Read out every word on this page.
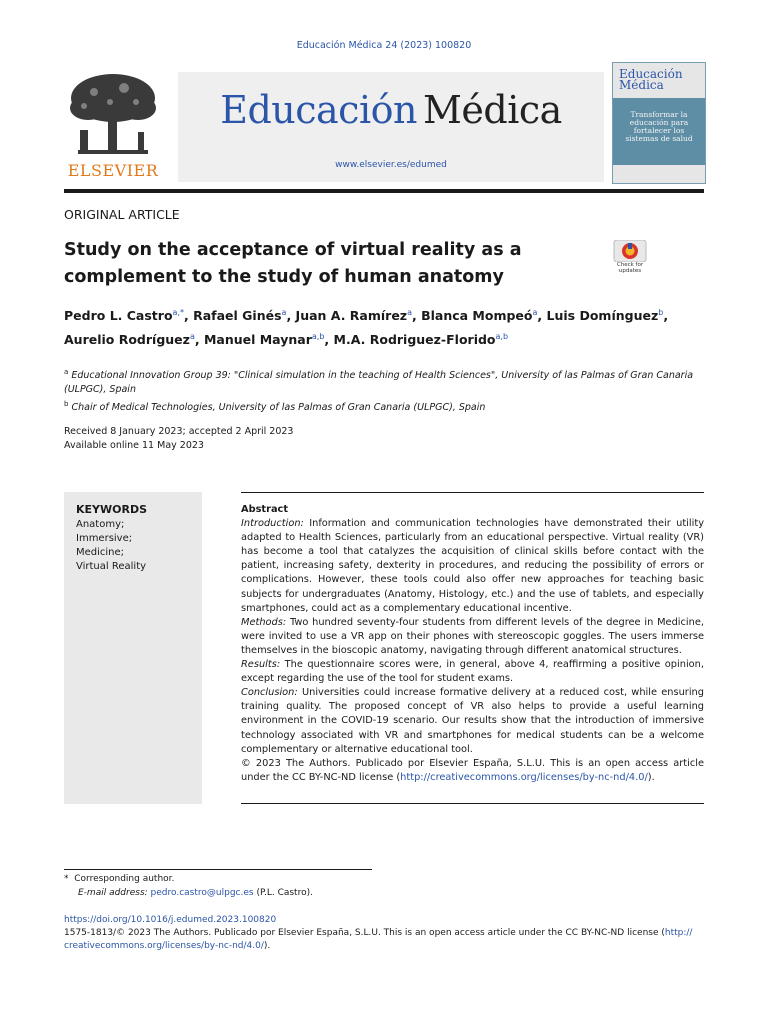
Educación Médica 24 (2023) 100820
ELSEVIER
Educación Médica
www.elsevier.es/edumed
Educación
Médica
Transformar la educación para fortalecer los sistemas de salud
ORIGINAL ARTICLE
Study on the acceptance of virtual reality as a complement to the study of human anatomy
Check for updates
Pedro L. Castro$^{a,*}$, Rafael Ginés$^a$, Juan A. Ramírez$^a$, Blanca Mompeó$^a$, Luis Domínguez$^b$,
Aurelio Rodríguez$^a$, Manuel Maynar$^{a,b}$, M.A. Rodriguez-Florido$^{a,b}$
$^a$ Educational Innovation Group 39: "Clinical simulation in the teaching of Health Sciences", University of las Palmas of Gran Canaria (ULPGC), Spain
$^b$ Chair of Medical Technologies, University of las Palmas of Gran Canaria (ULPGC), Spain
Received 8 January 2023; accepted 2 April 2023
Available online 11 May 2023
KEYWORDS
Anatomy;
Immersive;
Medicine;
Virtual Reality
Abstract
Introduction: Information and communication technologies have demonstrated their utility adapted to Health Sciences, particularly from an educational perspective. Virtual reality (VR) has become a tool that catalyzes the acquisition of clinical skills before contact with the patient, increasing safety, dexterity in procedures, and reducing the possibility of errors or complications. However, these tools could also offer new approaches for teaching basic subjects for undergraduates (Anatomy, Histology, etc.) and the use of tablets, and especially smartphones, could act as a complementary educational incentive.
Methods: Two hundred seventy-four students from different levels of the degree in Medicine, were invited to use a VR app on their phones with stereoscopic goggles. The users immerse themselves in the bioscopic anatomy, navigating through different anatomical structures.
Results: The questionnaire scores were, in general, above 4, reaffirming a positive opinion, except regarding the use of the tool for student exams.
Conclusion: Universities could increase formative delivery at a reduced cost, while ensuring training quality. The proposed concept of VR also helps to provide a useful learning environment in the COVID-19 scenario. Our results show that the introduction of immersive technology associated with VR and smartphones for medical students can be a welcome complementary or alternative educational tool.
© 2023 The Authors. Publicado por Elsevier España, S.L.U. This is an open access article under the CC BY-NC-ND license (http://creativecommons.org/licenses/by-nc-nd/4.0/).
* Corresponding author.
E-mail address: pedro.castro@ulpgc.es (P.L. Castro).
https://doi.org/10.1016/j.edumed.2023.100820
1575-1813/© 2023 The Authors. Publicado por Elsevier España, S.L.U. This is an open access article under the CC BY-NC-ND license (http://
creativecommons.org/licenses/by-nc-nd/4.0/).
